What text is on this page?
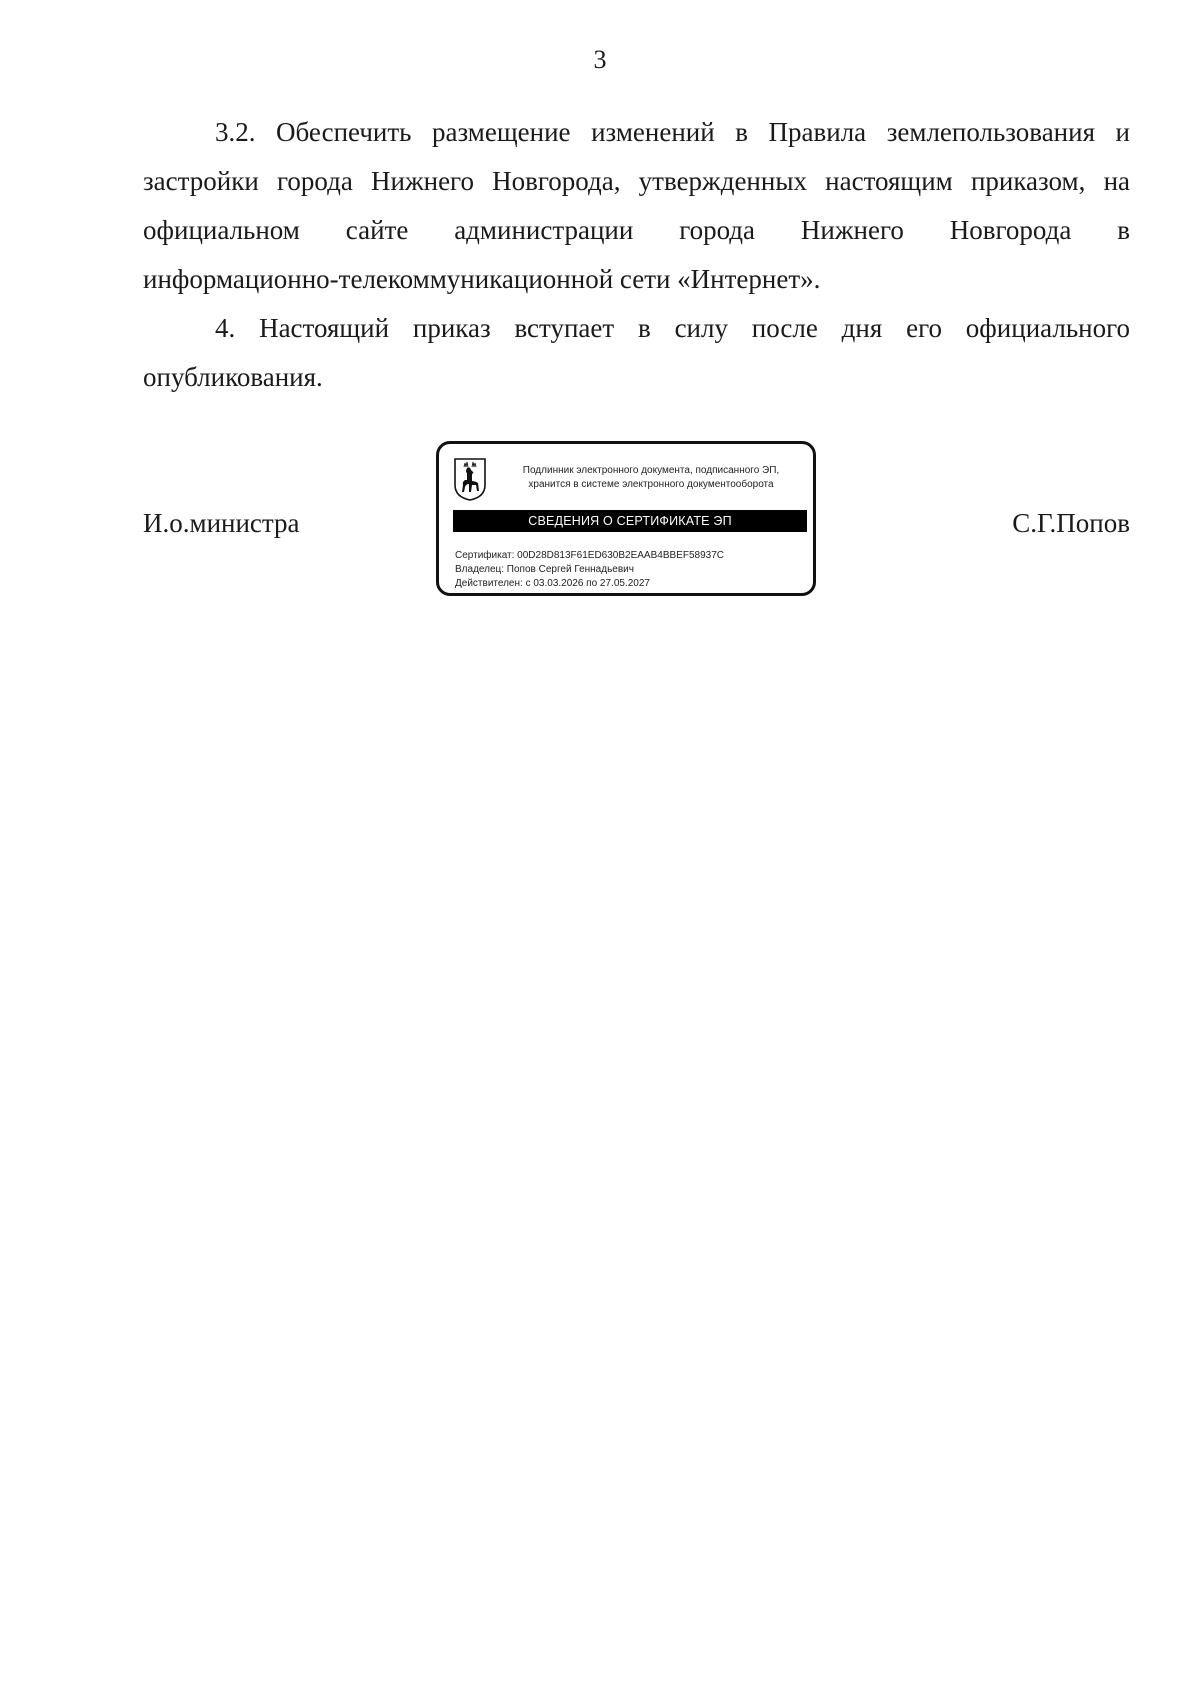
3

3.2. Обеспечить размещение изменений в Правила землепользования и застройки города Нижнего Новгорода, утвержденных настоящим приказом, на официальном сайте администрации города Нижнего Новгорода в

информационно-телекоммуникационной сети «Интернет».

4. Настоящий приказ вступает в силу после дня его официального опубликования.

И.о.министра	С.Г.Попов
Подлинник электронного документа, подписанного ЭП,
хранится в системе электронного документооборота
СВЕДЕНИЯ О СЕРТИФИКАТЕ ЭП
Сертификат: 00D28D813F61ED630B2EAAB4BBEF58937C
Владелец: Попов Сергей Геннадьевич
Действителен: с 03.03.2026 по 27.05.2027
